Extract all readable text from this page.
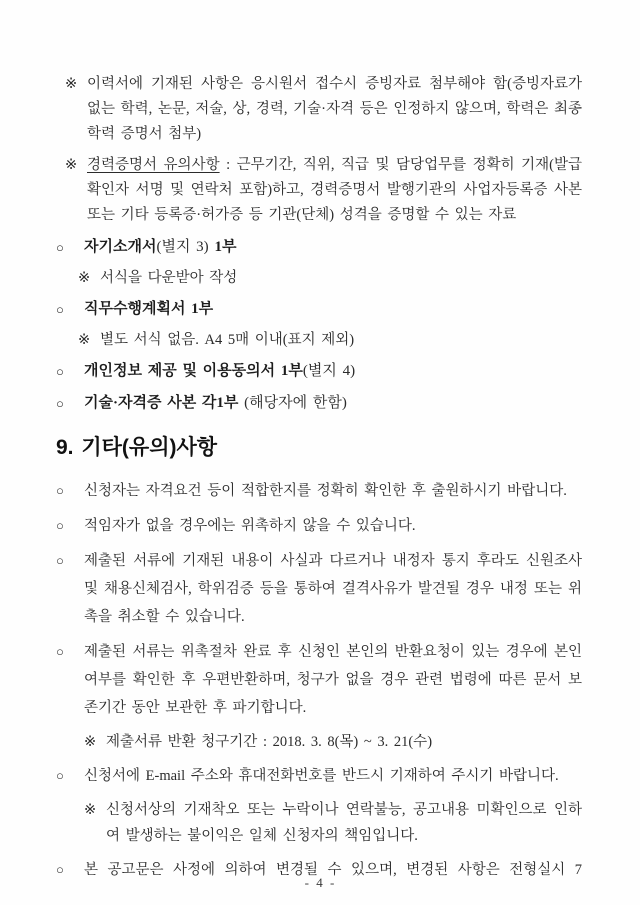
※ 이력서에 기재된 사항은 응시원서 접수시 증빙자료 첨부해야 함(증빙자료가 없는 학력, 논문, 저술, 상, 경력, 기술·자격 등은 인정하지 않으며, 학력은 최종학력 증명서 첨부)
※ 경력증명서 유의사항 : 근무기간, 직위, 직급 및 담당업무를 정확히 기재(발급 확인자 서명 및 연락처 포함)하고, 경력증명서 발행기관의 사업자등록증 사본 또는 기타 등록증·허가증 등 기관(단체) 성격을 증명할 수 있는 자료
○	자기소개서(별지 3) 1부
※ 서식을 다운받아 작성
○	직무수행계획서 1부
※ 별도 서식 없음. A4 5매 이내(표지 제외)
○	개인정보 제공 및 이용동의서 1부(별지 4)
○	기술·자격증 사본 각1부 (해당자에 한함)
9. 기타(유의)사항
○	신청자는 자격요건 등이 적합한지를 정확히 확인한 후 출원하시기 바랍니다.
○	적임자가 없을 경우에는 위촉하지 않을 수 있습니다.
○	제출된 서류에 기재된 내용이 사실과 다르거나 내정자 통지 후라도 신원조사 및 채용신체검사, 학위검증 등을 통하여 결격사유가 발견될 경우 내정 또는 위촉을 취소할 수 있습니다.
○	제출된 서류는 위촉절차 완료 후 신청인 본인의 반환요청이 있는 경우에 본인여부를 확인한 후 우편반환하며, 청구가 없을 경우 관련 법령에 따른 문서 보존기간 동안 보관한 후 파기합니다.
※ 제출서류 반환 청구기간 : 2018. 3. 8(목) ~ 3. 21(수)
○	신청서에 E-mail 주소와 휴대전화번호를 반드시 기재하여 주시기 바랍니다.
※ 신청서상의 기재착오 또는 누락이나 연락불능, 공고내용 미확인으로 인하여 발생하는 불이익은 일체 신청자의 책임입니다.
○	본 공고문은 사정에 의하여 변경될 수 있으며, 변경된 사항은 전형실시 7
- 4 -
